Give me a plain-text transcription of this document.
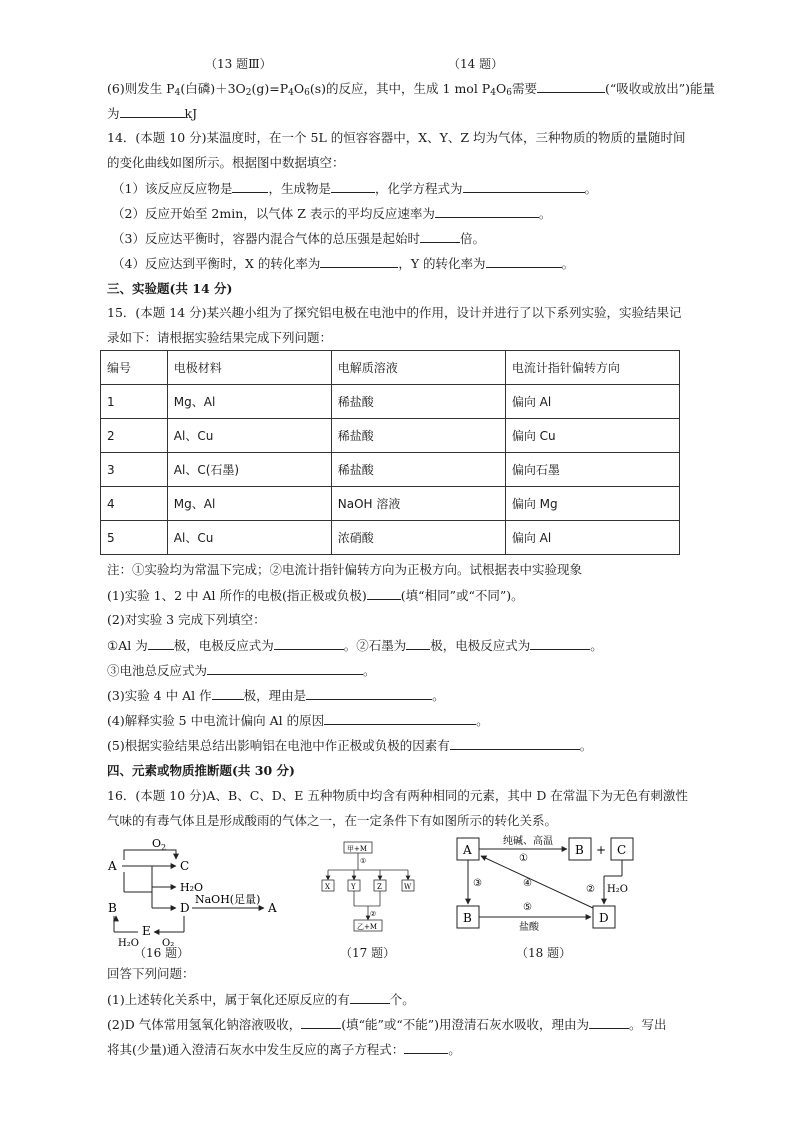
（13 题Ⅲ）	（14 题）
(6)则发生 $P_4$(白磷)$+3O_2(g)=P_4O_6(s)$的反应，其中，生成 1 mol $P_4O_6$需要	(“吸收或放出”)能量
为	kJ
14．(本题 10 分)某温度时，在一个 5L 的恒容容器中，X、Y、Z 均为气体，三种物质的物质的量随时间
的变化曲线如图所示。根据图中数据填空：
（1）该反应反应物是	，生成物是	，化学方程式为	。
（2）反应开始至 2min，以气体 Z 表示的平均反应速率为	。
（3）反应达平衡时，容器内混合气体的总压强是起始时	倍。
（4）反应达到平衡时，X 的转化率为	，Y 的转化率为	。
三、实验题(共 14 分)
15．(本题 14 分)某兴趣小组为了探究铝电极在电池中的作用，设计并进行了以下系列实验，实验结果记
录如下：请根据实验结果完成下列问题：
编号	电极材料	电解质溶液	电流计指针偏转方向
1	Mg、Al	稀盐酸	偏向 Al
2	Al、Cu	稀盐酸	偏向 Cu
3	Al、C(石墨)	稀盐酸	偏向石墨
4	Mg、Al	NaOH 溶液	偏向 Mg
5	Al、Cu	浓硝酸	偏向 Al
注：①实验均为常温下完成；②电流计指针偏转方向为正极方向。试根据表中实验现象
(1)实验 1、2 中 Al 所作的电极(指正极或负极)	(填“相同”或“不同”)。
(2)对实验 3 完成下列填空：
①Al 为 极，电极反应式为	。②石墨为 极，电极反应式为	。
③电池总反应式为	。
(3)实验 4 中 Al 作	极，理由是	。
(4)解释实验 5 中电流计偏向 Al 的原因	。
(5)根据实验结果总结出影响铝在电池中作正极或负极的因素有	。
四、元素或物质推断题(共 30 分)
16．(本题 10 分)A、B、C、D、E 五种物质中均含有两种相同的元素，其中 D 在常温下为无色有刺激性
气味的有毒气体且是形成酸雨的气体之一，在一定条件下有如图所示的转化关系。
$O_2$
A	C
H₂O
B	D
NaOH(足量)
A
E
H₂O O₂
（16 题）
甲+M
①
X	Y	Z	W
②
乙+M
（17 题）
A	B + C
纯碱、高温
①
② H₂O
③	④
B	D
⑤
盐酸
（18 题）
回答下列问题：
(1)上述转化关系中，属于氧化还原反应的有	个。
(2)D 气体常用氢氧化钠溶液吸收，	(填“能”或“不能”)用澄清石灰水吸收，理由为	。写出
将其(少量)通入澄清石灰水中发生反应的离子方程式：	。
